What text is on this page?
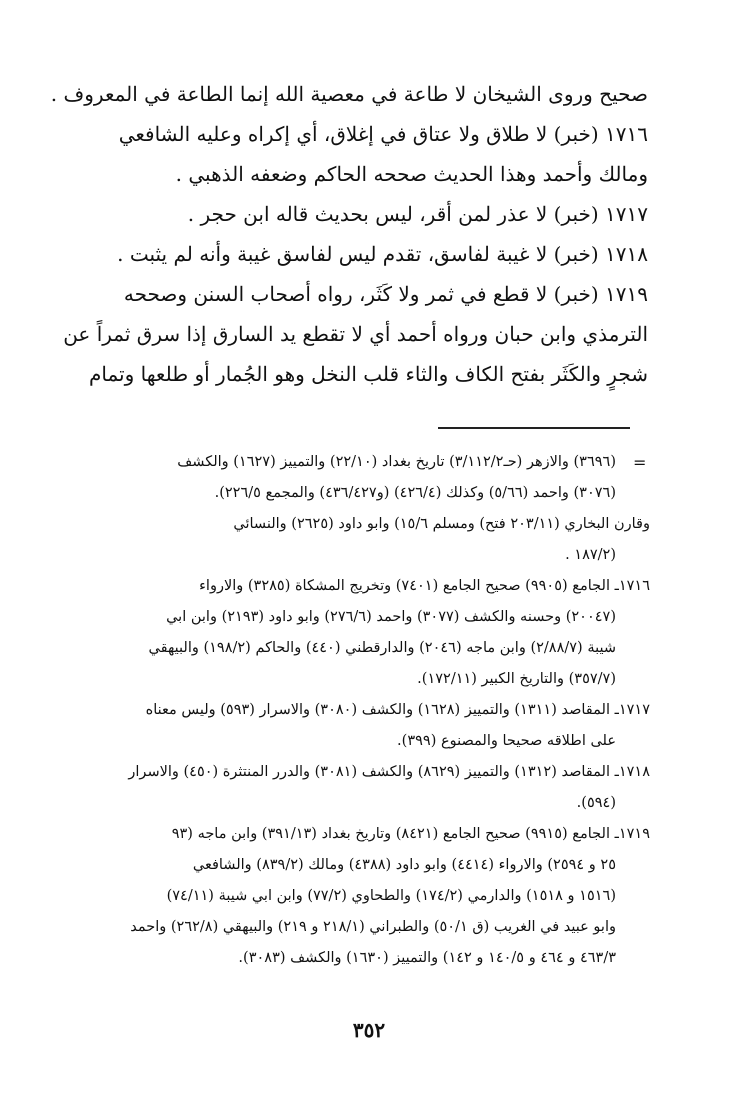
صحيح وروى الشيخان لا طاعة في معصية الله إنما الطاعة في المعروف .
١٧١٦ (خبر) لا طلاق ولا عتاق في إغلاق، أي إكراه وعليه الشافعي
ومالك وأحمد وهذا الحديث صححه الحاكم وضعفه الذهبي .
١٧١٧ (خبر) لا عذر لمن أقر، ليس بحديث قاله ابن حجر .
١٧١٨ (خبر) لا غيبة لفاسق، تقدم ليس لفاسق غيبة وأنه لم يثبت .
١٧١٩ (خبر) لا قطع في ثمر ولا كَثَر، رواه أصحاب السنن وصححه
الترمذي وابن حبان ورواه أحمد أي لا تقطع يد السارق إذا سرق ثمراً عن
شجرٍ والكَثَر بفتح الكاف والثاء قلب النخل وهو الجُمار أو طلعها وتمام
=
(٣٦٩٦) والازهر (حـ٣/١١٢/٢) تاريخ بغداد (٢٢/١٠) والتمييز (١٦٢٧) والكشف
(٣٠٧٦) واحمد (٥/٦٦) وكذلك (٤٢٦/٤) (و٤٣٦/٤٢٧) والمجمع ٢٢٦/٥).
وقارن البخاري (٢٠٣/١١ فتح) ومسلم ١٥/٦) وابو داود (٢٦٢٥) والنسائي
(١٨٧/٢ .
١٧١٦ـ الجامع (٩٩٠٥) صحيح الجامع (٧٤٠١) وتخريج المشكاة (٣٢٨٥) والارواء
(٢٠٠٤٧) وحسنه والكشف (٣٠٧٧) واحمد (٢٧٦/٦) وابو داود (٢١٩٣) وابن ابي
شيبة (٢/٨٨/٧) وابن ماجه (٢٠٤٦) والدارقطني (٤٤٠) والحاكم (١٩٨/٢) والبيهقي
(٣٥٧/٧) والتاريخ الكبير (١٧٢/١١).
١٧١٧ـ المقاصد (١٣١١) والتمييز (١٦٢٨) والكشف (٣٠٨٠) والاسرار (٥٩٣) وليس معناه
على اطلاقه صحيحا والمصنوع (٣٩٩).
١٧١٨ـ المقاصد (١٣١٢) والتمييز (٨٦٢٩) والكشف (٣٠٨١) والدرر المنتثرة (٤٥٠) والاسرار
(٥٩٤).
١٧١٩ـ الجامع (٩٩١٥) صحيح الجامع (٨٤٢١) وتاريخ بغداد (٣٩١/١٣) وابن ماجه (٩٣
٢٥ و ٢٥٩٤) والارواء (٤٤١٤) وابو داود (٤٣٨٨) ومالك (٨٣٩/٢) والشافعي
(١٥١٦ و ١٥١٨) والدارمي (١٧٤/٢) والطحاوي (٧٧/٢) وابن ابي شيبة (٧٤/١١)
وابو عبيد في الغريب (ق ٥٠/١) والطبراني (٢١٨/١ و ٢١٩) والبيهقي (٢٦٢/٨) واحمد
٤٦٣/٣ و ٤٦٤ و ١٤٠/٥ و ١٤٢) والتمييز (١٦٣٠) والكشف (٣٠٨٣).
٣٥٢
